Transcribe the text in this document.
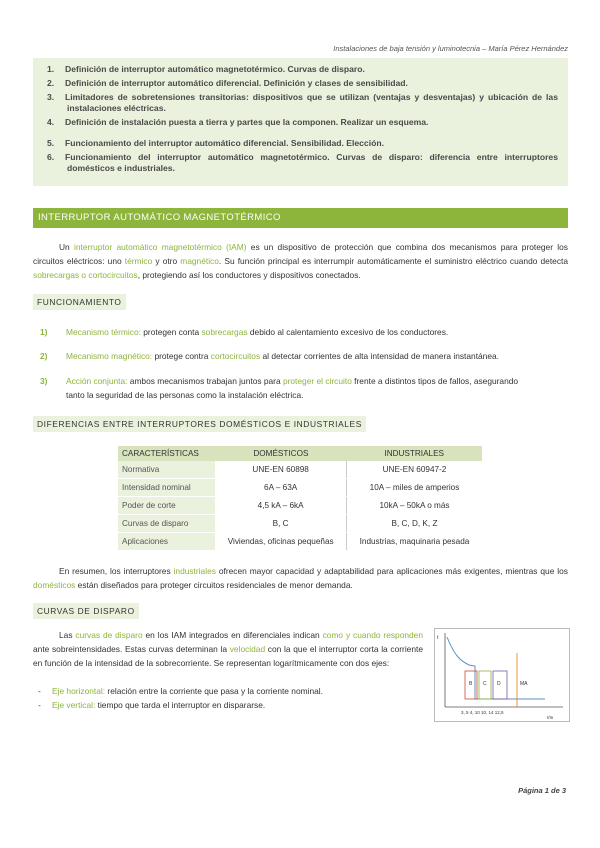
Instalaciones de baja tensión y luminotecnia – María Pérez Hernández
1. Definición de interruptor automático magnetotérmico. Curvas de disparo.
2. Definición de interruptor automático diferencial. Definición y clases de sensibilidad.
3. Limitadores de sobretensiones transitorias: dispositivos que se utilizan (ventajas y desventajas) y ubicación de las instalaciones eléctricas.
4. Definición de instalación puesta a tierra y partes que la componen. Realizar un esquema.
5. Funcionamiento del interruptor automático diferencial. Sensibilidad. Elección.
6. Funcionamiento del interruptor automático magnetotérmico. Curvas de disparo: diferencia entre interruptores domésticos e industriales.
INTERRUPTOR AUTOMÁTICO MAGNETOTÉRMICO
Un interruptor automático magnetotérmico (IAM) es un dispositivo de protección que combina dos mecanismos para proteger los circuitos eléctricos: uno térmico y otro magnético. Su función principal es interrumpir automáticamente el suministro eléctrico cuando detecta sobrecargas o cortocircuitos, protegiendo así los conductores y dispositivos conectados.
FUNCIONAMIENTO
1) Mecanismo térmico: protegen conta sobrecargas debido al calentamiento excesivo de los conductores.
2) Mecanismo magnético: protege contra cortocircuitos al detectar corrientes de alta intensidad de manera instantánea.
3) Acción conjunta: ambos mecanismos trabajan juntos para proteger el circuito frente a distintos tipos de fallos, asegurando
tanto la seguridad de las personas como la instalación eléctrica.
DIFERENCIAS ENTRE INTERRUPTORES DOMÉSTICOS E INDUSTRIALES
CARACTERÍSTICAS	DOMÉSTICOS	INDUSTRIALES
Normativa	UNE-EN 60898	UNE-EN 60947-2
Intensidad nominal	6A – 63A	10A – miles de amperios
Poder de corte	4,5 kA – 6kA	10kA – 50kA o más
Curvas de disparo	B, C	B, C, D, K, Z
Aplicaciones	Viviendas, oficinas pequeñas	Industrias, maquinaria pesada
En resumen, los interruptores industriales ofrecen mayor capacidad y adaptabilidad para aplicaciones más exigentes, mientras que los domésticos están diseñados para proteger circuitos residenciales de menor demanda.
CURVAS DE DISPARO
Las curvas de disparo en los IAM integrados en diferenciales indican como y cuando responden ante sobreintensidades. Estas curvas determinan la velocidad con la que el interruptor corta la corriente en función de la intensidad de la sobrecorriente. Se representan logarítmicamente con dos ejes:
- Eje horizontal: relación entre la corriente que pasa y la corriente nominal.
- Eje vertical: tiempo que tarda el interruptor en dispararse.
B C D	MA
t
3, 5 4, 10 10, 14 12,5
I/In
Página 1 de 3
